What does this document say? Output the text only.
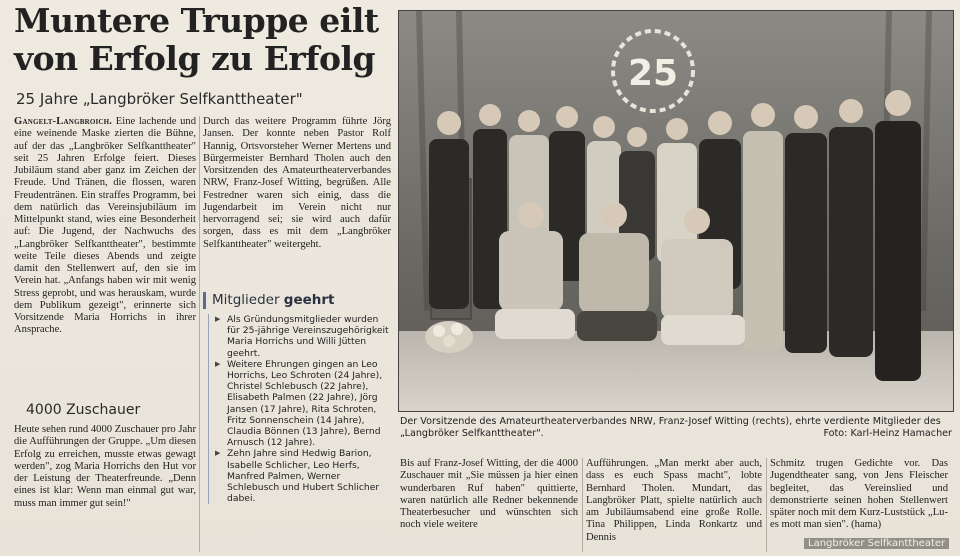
Muntere Truppe eilt von Erfolg zu Erfolg
25 Jahre „Langbröker Selfkanttheater"

Gangelt-Langbroich. Eine lachende und eine weinende Maske zierten die Bühne, auf der das „Langbröker Selfkanttheater" seit 25 Jahren Erfolge feiert. Dieses Jubiläum stand aber ganz im Zeichen der Freude. Und Tränen, die flossen, waren Freudentränen. Ein straffes Programm, bei dem natürlich das Vereinsjubiläum im Mittelpunkt stand, wies eine Besonderheit auf: Die Jugend, der Nachwuchs des „Langbröker Selfkanttheater", bestimmte weite Teile dieses Abends und zeigte damit den Stellenwert auf, den sie im Verein hat. „Anfangs haben wir mit wenig Stress geprobt, und was herauskam, wurde dem Publikum gezeigt", erinnerte sich Vorsitzende Maria Horrichs in ihrer Ansprache.

4000 Zuschauer

Heute sehen rund 4000 Zuschauer pro Jahr die Aufführungen der Gruppe. „Um diesen Erfolg zu erreichen, musste etwas gewagt werden", zog Maria Horrichs den Hut vor der Leistung der Theaterfreunde. „Denn eines ist klar: Wenn man einmal gut war, muss man immer gut sein!"

Durch das weitere Programm führte Jörg Jansen. Der konnte neben Pastor Rolf Hannig, Ortsvorsteher Werner Mertens und Bürgermeister Bernhard Tholen auch den Vorsitzenden des Amateurtheaterverbandes NRW, Franz-Josef Witting, begrüßen. Alle Festredner waren sich einig, dass die Jugendarbeit im Verein nicht nur hervorragend sei; sie wird auch dafür sorgen, dass es mit dem „Langbröker Selfkanttheater" weitergeht.

Mitglieder geehrt
▶ Als Gründungsmitglieder wurden für 25-jährige Vereinszugehörigkeit Maria Horrichs und Willi Jütten geehrt.
▶ Weitere Ehrungen gingen an Leo Horrichs, Leo Schroten (24 Jahre), Christel Schlebusch (22 Jahre), Elisabeth Palmen (22 Jahre), Jörg Jansen (17 Jahre), Rita Schroten, Fritz Sonnenschein (14 Jahre), Claudia Bönnen (13 Jahre), Bernd Arnusch (12 Jahre).
▶ Zehn Jahre sind Hedwig Barion, Isabelle Schlicher, Leo Herfs, Manfred Palmen, Werner Schlebusch und Hubert Schlicher dabei.
25
Der Vorsitzende des Amateurtheaterverbandes NRW, Franz-Josef Witting (rechts), ehrte verdiente Mitglieder des „Langbröker Selfkanttheater".	Foto: Karl-Heinz Hamacher

Bis auf Franz-Josef Witting, der die 4000 Zuschauer mit „Sie müssen ja hier einen wunderbaren Ruf haben" quittierte, waren natürlich alle Redner bekennende Theaterbesucher und wünschten sich noch viele weitere

Aufführungen. „Man merkt aber auch, dass es euch Spass macht", lobte Bernhard Tholen. Mundart, das Langbröker Platt, spielte natürlich auch am Jubiläumsabend eine große Rolle. Tina Philippen, Linda Ronkartz und Dennis

Schmitz trugen Gedichte vor. Das Jugendtheater sang, von Jens Fleischer begleitet, das Vereinslied und demonstrierte seinen hohen Stellenwert später noch mit dem Kurz-Luststück „Lu-es mott man sien". (hama)

Langbröker Selfkanttheater
